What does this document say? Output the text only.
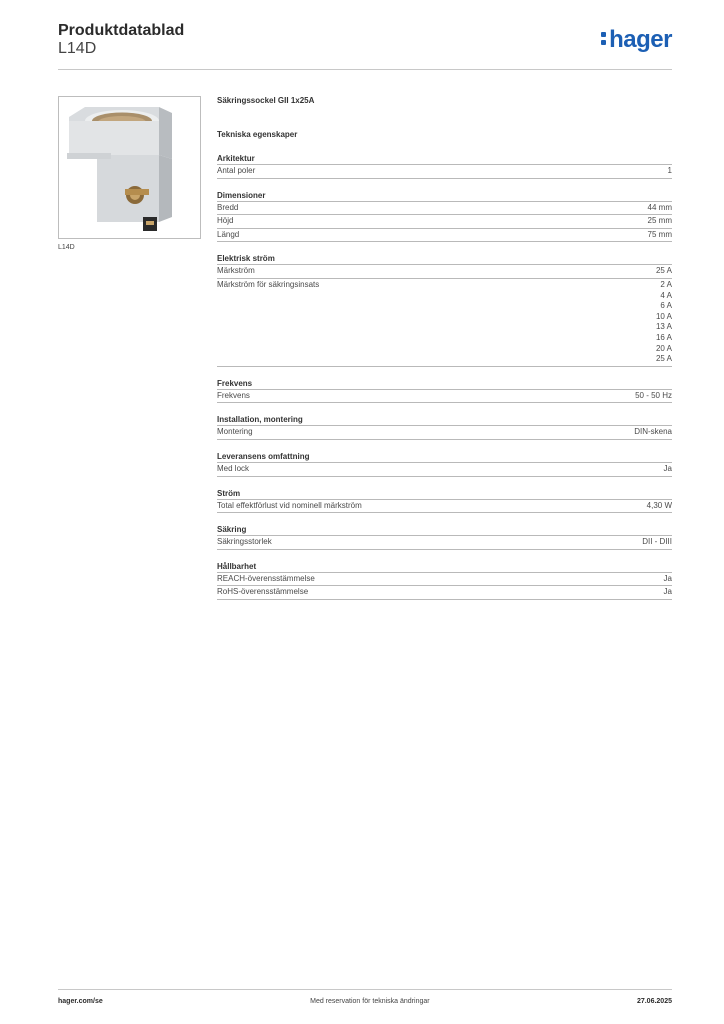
Produktdatablad
L14D	hager
L14D
Säkringssockel GII 1x25A
Tekniska egenskaper
Arkitektur
Antal poler	1
Dimensioner
Bredd	44 mm
Höjd	25 mm
Längd	75 mm
Elektrisk ström
Märkström	25 A
Märkström för säkringsinsats	2 A
4 A
6 A
10 A
13 A
16 A
20 A
25 A
Frekvens
Frekvens	50 - 50 Hz
Installation, montering
Montering	DIN-skena
Leveransens omfattning
Med lock	Ja
Ström
Total effektförlust vid nominell märkström	4,30 W
Säkring
Säkringsstorlek	DII - DIII
Hållbarhet
REACH-överensstämmelse	Ja
RoHS-överensstämmelse	Ja
hager.com/se	Med reservation för tekniska ändringar	27.06.2025
